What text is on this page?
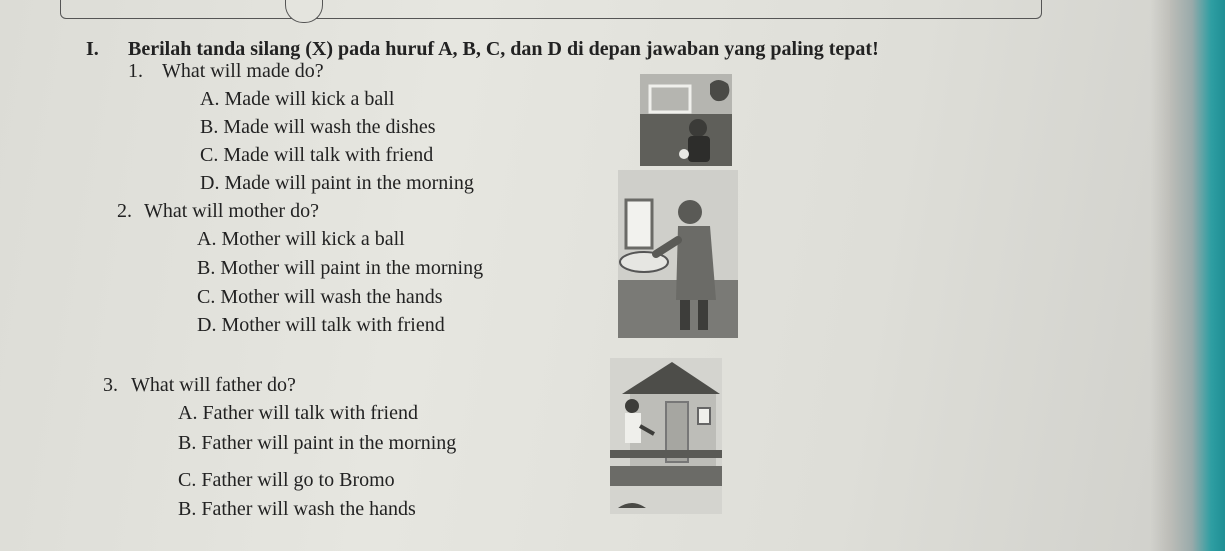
I. Berilah tanda silang (X) pada huruf A, B, C, dan D di depan jawaban yang paling tepat!
1. What will made do?
A. Made will kick a ball
B. Made will wash the dishes
C. Made will talk with friend
D. Made will paint in the morning
2. What will mother do?
A. Mother will kick a ball
B. Mother will paint in the morning
C. Mother will wash the hands
D. Mother will talk with friend
3. What will father do?
A. Father will talk with friend
B. Father will paint in the morning
C. Father will go to Bromo
B. Father will wash the hands
